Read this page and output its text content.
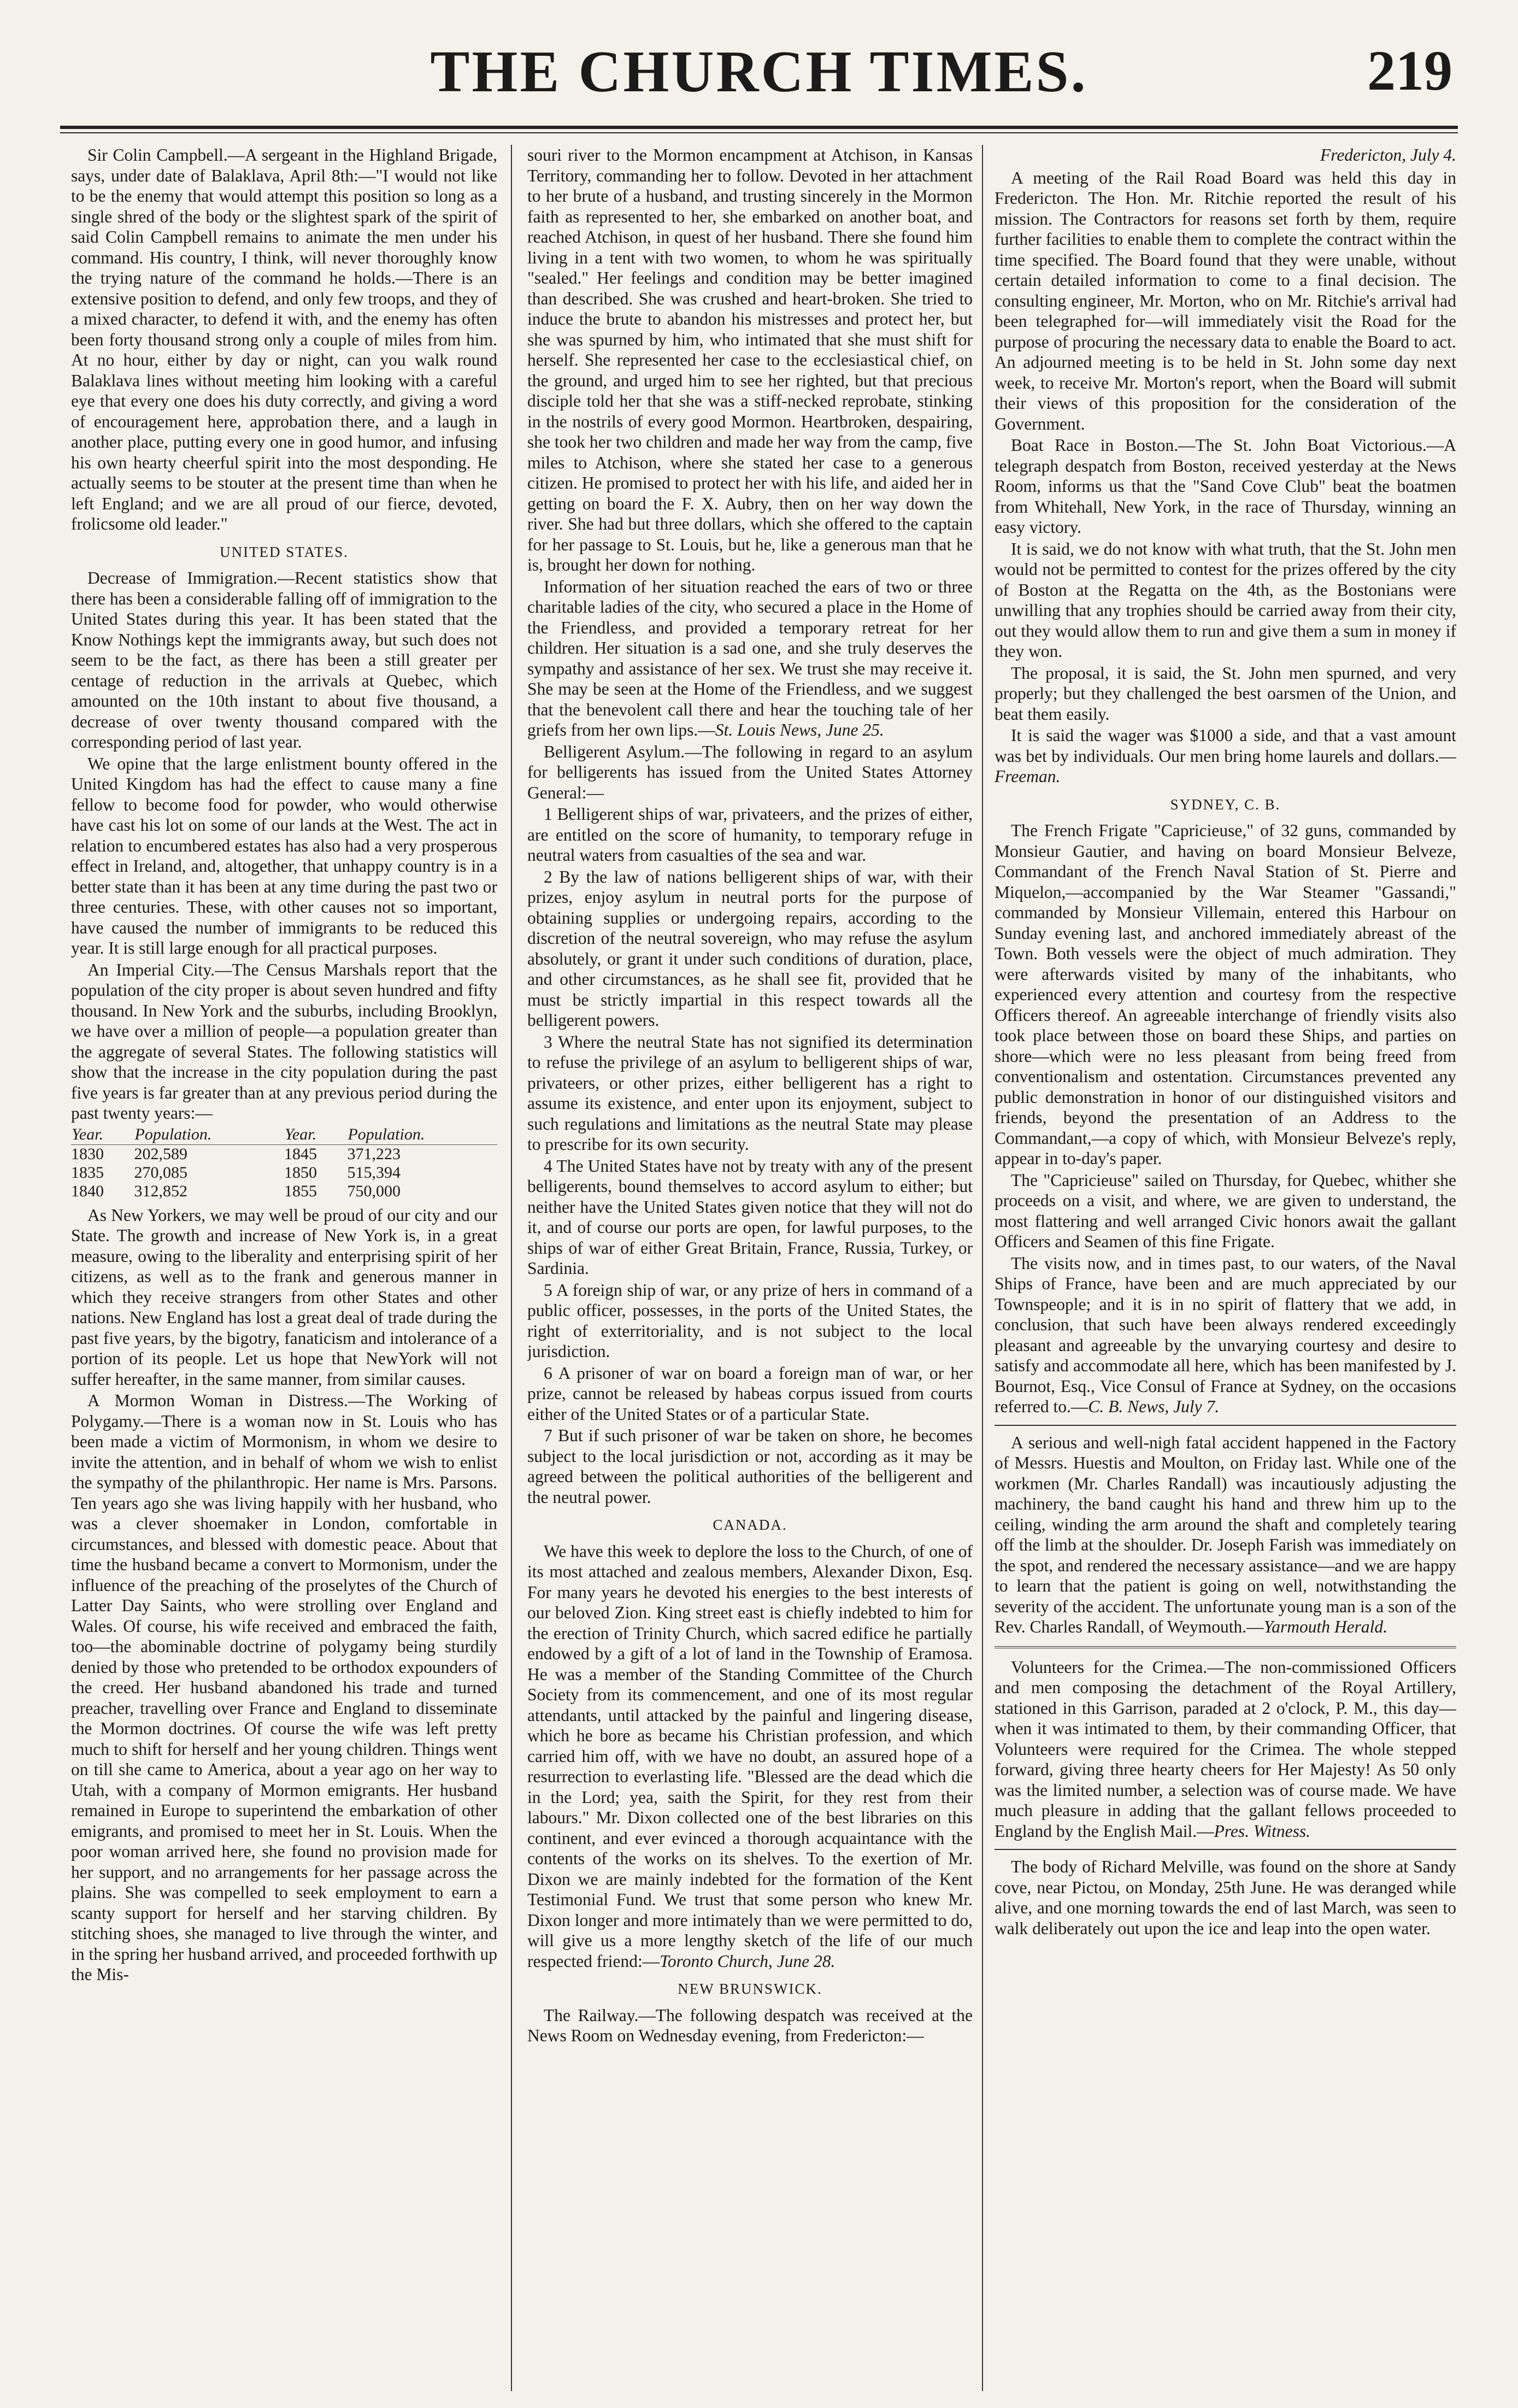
THE CHURCH TIMES.	219

Sir Colin Campbell.—A sergeant in the Highland Brigade, says, under date of Balaklava, April 8th:—"I would not like to be the enemy that would attempt this position so long as a single shred of the body or the slightest spark of the spirit of said Colin Campbell remains to animate the men under his command. His country, I think, will never thoroughly know the trying nature of the command he holds.—There is an extensive position to defend, and only few troops, and they of a mixed character, to defend it with, and the enemy has often been forty thousand strong only a couple of miles from him. At no hour, either by day or night, can you walk round Balaklava lines without meeting him looking with a careful eye that every one does his duty correctly, and giving a word of encouragement here, approbation there, and a laugh in another place, putting every one in good humor, and infusing his own hearty cheerful spirit into the most desponding. He actually seems to be stouter at the present time than when he left England; and we are all proud of our fierce, devoted, frolicsome old leader."

UNITED STATES.

Decrease of Immigration.—Recent statistics show that there has been a considerable falling off of immigration to the United States during this year. It has been stated that the Know Nothings kept the immigrants away, but such does not seem to be the fact, as there has been a still greater per centage of reduction in the arrivals at Quebec, which amounted on the 10th instant to about five thousand, a decrease of over twenty thousand compared with the corresponding period of last year.

We opine that the large enlistment bounty offered in the United Kingdom has had the effect to cause many a fine fellow to become food for powder, who would otherwise have cast his lot on some of our lands at the West. The act in relation to encumbered estates has also had a very prosperous effect in Ireland, and, altogether, that unhappy country is in a better state than it has been at any time during the past two or three centuries. These, with other causes not so important, have caused the number of immigrants to be reduced this year. It is still large enough for all practical purposes.

An Imperial City.—The Census Marshals report that the population of the city proper is about seven hundred and fifty thousand. In New York and the suburbs, including Brooklyn, we have over a million of people—a population greater than the aggregate of several States. The following statistics will show that the increase in the city population during the past five years is far greater than at any previous period during the past twenty years:—

Year.	Population.	Year.	Population.
1830	202,589	1845	371,223
1835	270,085	1850	515,394
1840	312,852	1855	750,000

As New Yorkers, we may well be proud of our city and our State. The growth and increase of New York is, in a great measure, owing to the liberality and enterprising spirit of her citizens, as well as to the frank and generous manner in which they receive strangers from other States and other nations. New England has lost a great deal of trade during the past five years, by the bigotry, fanaticism and intolerance of a portion of its people. Let us hope that NewYork will not suffer hereafter, in the same manner, from similar causes.

A Mormon Woman in Distress.—The Working of Polygamy.—There is a woman now in St. Louis who has been made a victim of Mormonism, in whom we desire to invite the attention, and in behalf of whom we wish to enlist the sympathy of the philanthropic. Her name is Mrs. Parsons. Ten years ago she was living happily with her husband, who was a clever shoemaker in London, comfortable in circumstances, and blessed with domestic peace. About that time the husband became a convert to Mormonism, under the influence of the preaching of the proselytes of the Church of Latter Day Saints, who were strolling over England and Wales. Of course, his wife received and embraced the faith, too—the abominable doctrine of polygamy being sturdily denied by those who pretended to be orthodox expounders of the creed. Her husband abandoned his trade and turned preacher, travelling over France and England to disseminate the Mormon doctrines. Of course the wife was left pretty much to shift for herself and her young children. Things went on till she came to America, about a year ago on her way to Utah, with a company of Mormon emigrants. Her husband remained in Europe to superintend the embarkation of other emigrants, and promised to meet her in St. Louis. When the poor woman arrived here, she found no provision made for her support, and no arrangements for her passage across the plains. She was compelled to seek employment to earn a scanty support for herself and her starving children. By stitching shoes, she managed to live through the winter, and in the spring her husband arrived, and proceeded forthwith up the Mis-

souri river to the Mormon encampment at Atchison, in Kansas Territory, commanding her to follow. Devoted in her attachment to her brute of a husband, and trusting sincerely in the Mormon faith as represented to her, she embarked on another boat, and reached Atchison, in quest of her husband. There she found him living in a tent with two women, to whom he was spiritually "sealed." Her feelings and condition may be better imagined than described. She was crushed and heart-broken. She tried to induce the brute to abandon his mistresses and protect her, but she was spurned by him, who intimated that she must shift for herself. She represented her case to the ecclesiastical chief, on the ground, and urged him to see her righted, but that precious disciple told her that she was a stiff-necked reprobate, stinking in the nostrils of every good Mormon. Heartbroken, despairing, she took her two children and made her way from the camp, five miles to Atchison, where she stated her case to a generous citizen. He promised to protect her with his life, and aided her in getting on board the F. X. Aubry, then on her way down the river. She had but three dollars, which she offered to the captain for her passage to St. Louis, but he, like a generous man that he is, brought her down for nothing.

Information of her situation reached the ears of two or three charitable ladies of the city, who secured a place in the Home of the Friendless, and provided a temporary retreat for her children. Her situation is a sad one, and she truly deserves the sympathy and assistance of her sex. We trust she may receive it. She may be seen at the Home of the Friendless, and we suggest that the benevolent call there and hear the touching tale of her griefs from her own lips.—St. Louis News, June 25.

Belligerent Asylum.—The following in regard to an asylum for belligerents has issued from the United States Attorney General:—

1 Belligerent ships of war, privateers, and the prizes of either, are entitled on the score of humanity, to temporary refuge in neutral waters from casualties of the sea and war.

2 By the law of nations belligerent ships of war, with their prizes, enjoy asylum in neutral ports for the purpose of obtaining supplies or undergoing repairs, according to the discretion of the neutral sovereign, who may refuse the asylum absolutely, or grant it under such conditions of duration, place, and other circumstances, as he shall see fit, provided that he must be strictly impartial in this respect towards all the belligerent powers.

3 Where the neutral State has not signified its determination to refuse the privilege of an asylum to belligerent ships of war, privateers, or other prizes, either belligerent has a right to assume its existence, and enter upon its enjoyment, subject to such regulations and limitations as the neutral State may please to prescribe for its own security.

4 The United States have not by treaty with any of the present belligerents, bound themselves to accord asylum to either; but neither have the United States given notice that they will not do it, and of course our ports are open, for lawful purposes, to the ships of war of either Great Britain, France, Russia, Turkey, or Sardinia.

5 A foreign ship of war, or any prize of hers in command of a public officer, possesses, in the ports of the United States, the right of exterritoriality, and is not subject to the local jurisdiction.

6 A prisoner of war on board a foreign man of war, or her prize, cannot be released by habeas corpus issued from courts either of the United States or of a particular State.

7 But if such prisoner of war be taken on shore, he becomes subject to the local jurisdiction or not, according as it may be agreed between the political authorities of the belligerent and the neutral power.

CANADA.

We have this week to deplore the loss to the Church, of one of its most attached and zealous members, Alexander Dixon, Esq. For many years he devoted his energies to the best interests of our beloved Zion. King street east is chiefly indebted to him for the erection of Trinity Church, which sacred edifice he partially endowed by a gift of a lot of land in the Township of Eramosa. He was a member of the Standing Committee of the Church Society from its commencement, and one of its most regular attendants, until attacked by the painful and lingering disease, which he bore as became his Christian profession, and which carried him off, with we have no doubt, an assured hope of a resurrection to everlasting life. "Blessed are the dead which die in the Lord; yea, saith the Spirit, for they rest from their labours." Mr. Dixon collected one of the best libraries on this continent, and ever evinced a thorough acquaintance with the contents of the works on its shelves. To the exertion of Mr. Dixon we are mainly indebted for the formation of the Kent Testimonial Fund. We trust that some person who knew Mr. Dixon longer and more intimately than we were permitted to do, will give us a more lengthy sketch of the life of our much respected friend:—Toronto Church, June 28.

NEW BRUNSWICK.

The Railway.—The following despatch was received at the News Room on Wednesday evening, from Fredericton:—

Fredericton, July 4.

A meeting of the Rail Road Board was held this day in Fredericton. The Hon. Mr. Ritchie reported the result of his mission. The Contractors for reasons set forth by them, require further facilities to enable them to complete the contract within the time specified. The Board found that they were unable, without certain detailed information to come to a final decision. The consulting engineer, Mr. Morton, who on Mr. Ritchie's arrival had been telegraphed for—will immediately visit the Road for the purpose of procuring the necessary data to enable the Board to act. An adjourned meeting is to be held in St. John some day next week, to receive Mr. Morton's report, when the Board will submit their views of this proposition for the consideration of the Government.

Boat Race in Boston.—The St. John Boat Victorious.—A telegraph despatch from Boston, received yesterday at the News Room, informs us that the "Sand Cove Club" beat the boatmen from Whitehall, New York, in the race of Thursday, winning an easy victory.

It is said, we do not know with what truth, that the St. John men would not be permitted to contest for the prizes offered by the city of Boston at the Regatta on the 4th, as the Bostonians were unwilling that any trophies should be carried away from their city, out they would allow them to run and give them a sum in money if they won.

The proposal, it is said, the St. John men spurned, and very properly; but they challenged the best oarsmen of the Union, and beat them easily.

It is said the wager was $1000 a side, and that a vast amount was bet by individuals. Our men bring home laurels and dollars.—Freeman.

SYDNEY, C. B.

The French Frigate "Capricieuse," of 32 guns, commanded by Monsieur Gautier, and having on board Monsieur Belveze, Commandant of the French Naval Station of St. Pierre and Miquelon,—accompanied by the War Steamer "Gassandi," commanded by Monsieur Villemain, entered this Harbour on Sunday evening last, and anchored immediately abreast of the Town. Both vessels were the object of much admiration. They were afterwards visited by many of the inhabitants, who experienced every attention and courtesy from the respective Officers thereof. An agreeable interchange of friendly visits also took place between those on board these Ships, and parties on shore—which were no less pleasant from being freed from conventionalism and ostentation. Circumstances prevented any public demonstration in honor of our distinguished visitors and friends, beyond the presentation of an Address to the Commandant,—a copy of which, with Monsieur Belveze's reply, appear in to-day's paper.

The "Capricieuse" sailed on Thursday, for Quebec, whither she proceeds on a visit, and where, we are given to understand, the most flattering and well arranged Civic honors await the gallant Officers and Seamen of this fine Frigate.

The visits now, and in times past, to our waters, of the Naval Ships of France, have been and are much appreciated by our Townspeople; and it is in no spirit of flattery that we add, in conclusion, that such have been always rendered exceedingly pleasant and agreeable by the unvarying courtesy and desire to satisfy and accommodate all here, which has been manifested by J. Bournot, Esq., Vice Consul of France at Sydney, on the occasions referred to.—C. B. News, July 7.

A serious and well-nigh fatal accident happened in the Factory of Messrs. Huestis and Moulton, on Friday last. While one of the workmen (Mr. Charles Randall) was incautiously adjusting the machinery, the band caught his hand and threw him up to the ceiling, winding the arm around the shaft and completely tearing off the limb at the shoulder. Dr. Joseph Farish was immediately on the spot, and rendered the necessary assistance—and we are happy to learn that the patient is going on well, notwithstanding the severity of the accident. The unfortunate young man is a son of the Rev. Charles Randall, of Weymouth.—Yarmouth Herald.

Volunteers for the Crimea.—The non-commissioned Officers and men composing the detachment of the Royal Artillery, stationed in this Garrison, paraded at 2 o'clock, P. M., this day—when it was intimated to them, by their commanding Officer, that Volunteers were required for the Crimea. The whole stepped forward, giving three hearty cheers for Her Majesty! As 50 only was the limited number, a selection was of course made. We have much pleasure in adding that the gallant fellows proceeded to England by the English Mail.—Pres. Witness.

The body of Richard Melville, was found on the shore at Sandy cove, near Pictou, on Monday, 25th June. He was deranged while alive, and one morning towards the end of last March, was seen to walk deliberately out upon the ice and leap into the open water.
